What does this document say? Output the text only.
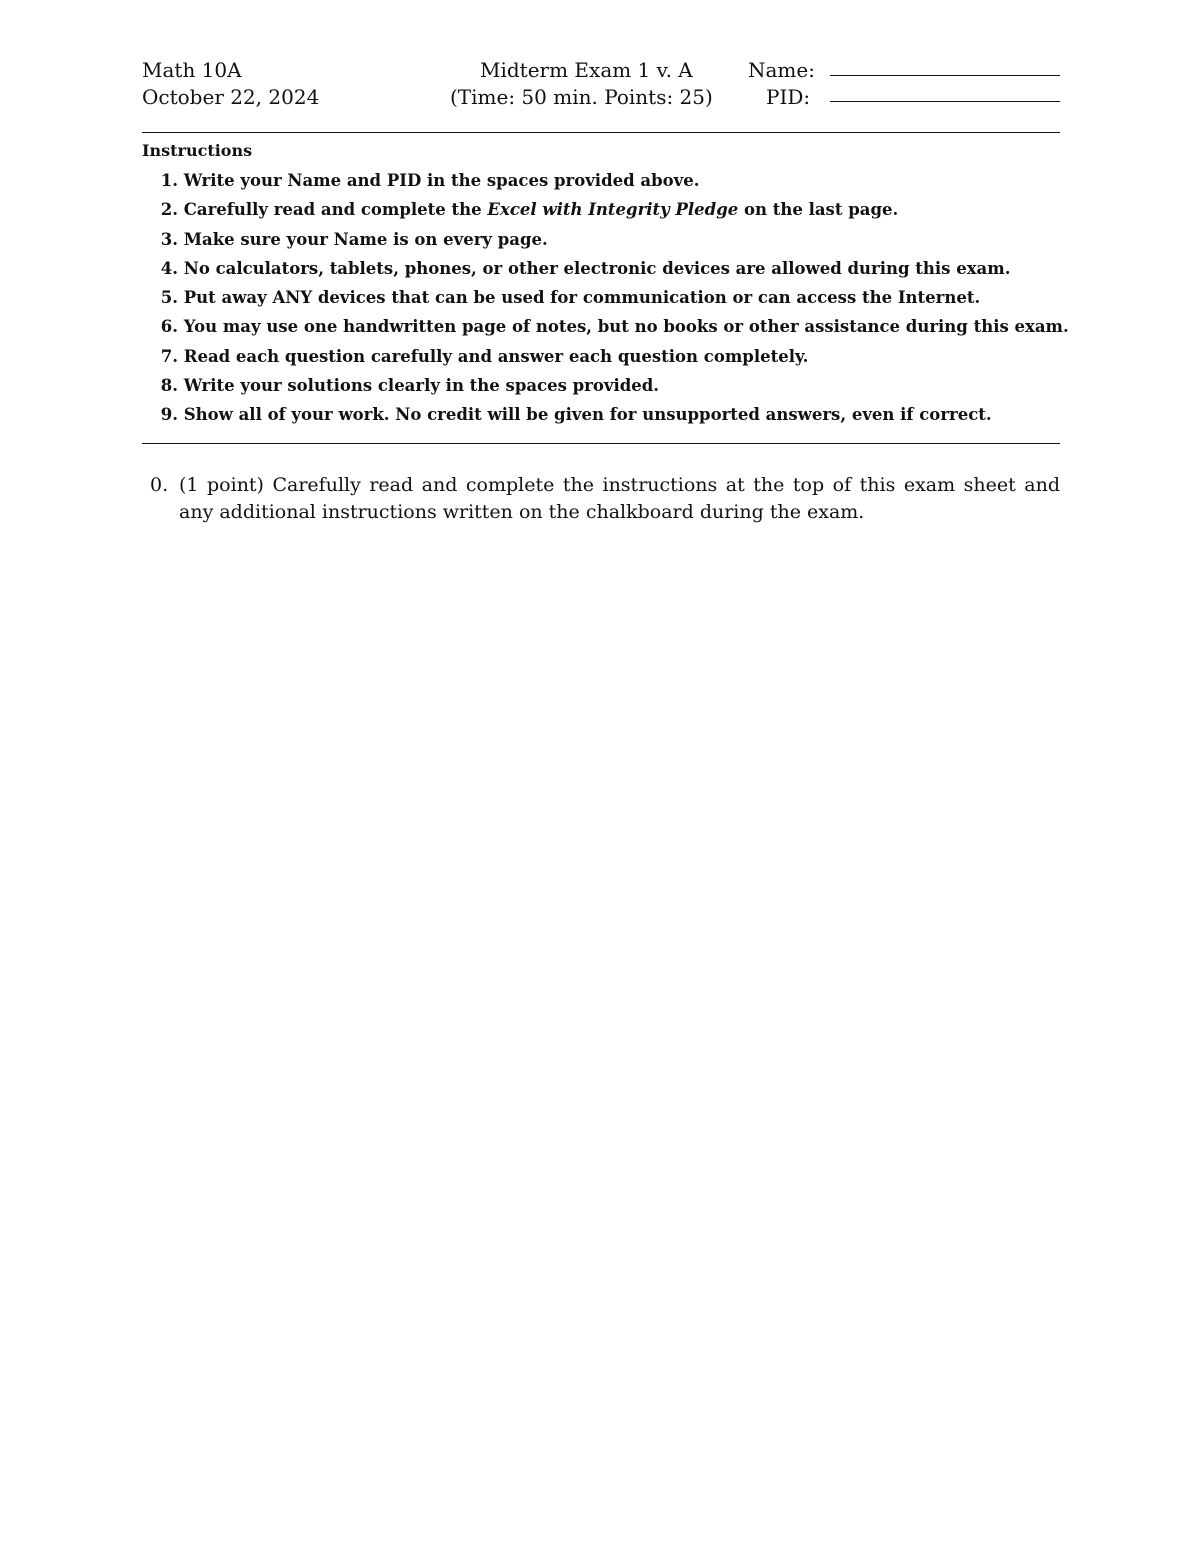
Math 10A
October 22, 2024
Midterm Exam 1 v. A
(Time: 50 min. Points: 25)
Name:
PID:
Instructions
1. Write your Name and PID in the spaces provided above.
2. Carefully read and complete the Excel with Integrity Pledge on the last page.
3. Make sure your Name is on every page.
4. No calculators, tablets, phones, or other electronic devices are allowed during this exam.
5. Put away ANY devices that can be used for communication or can access the Internet.
6. You may use one handwritten page of notes, but no books or other assistance during this exam.
7. Read each question carefully and answer each question completely.
8. Write your solutions clearly in the spaces provided.
9. Show all of your work. No credit will be given for unsupported answers, even if correct.
0. (1 point) Carefully read and complete the instructions at the top of this exam sheet and any additional instructions written on the chalkboard during the exam.
